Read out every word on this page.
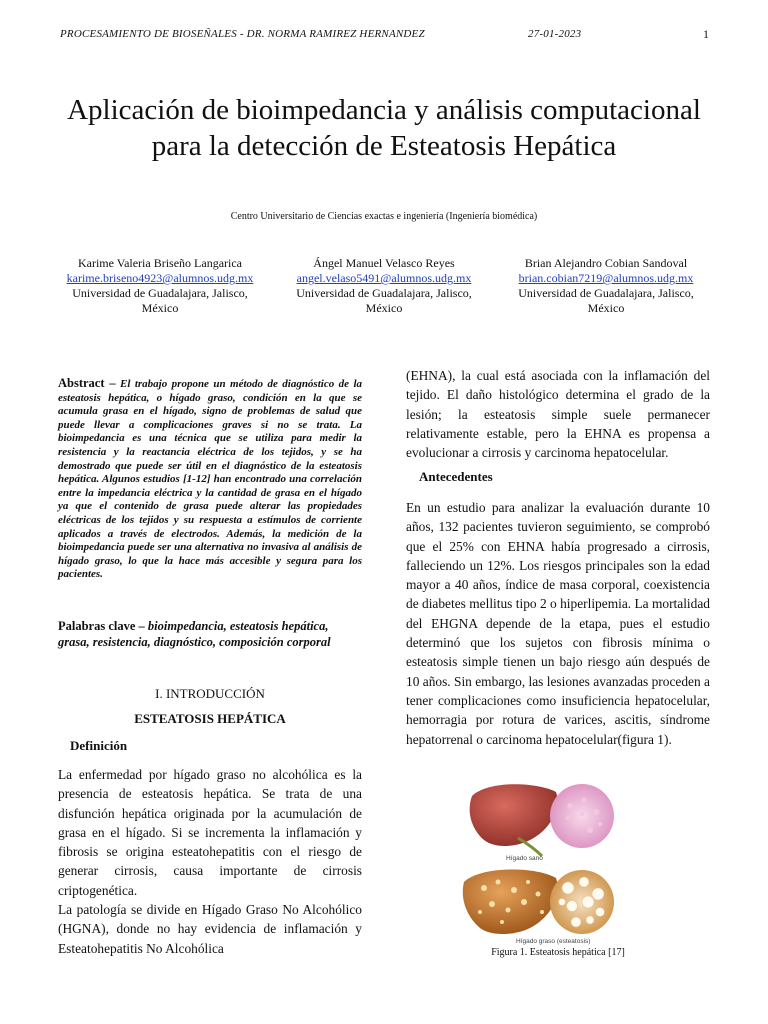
PROCESAMIENTO DE BIOSEÑALES - DR. NORMA RAMIREZ HERNANDEZ	27-01-2023	1
Aplicación de bioimpedancia y análisis computacional para la detección de Esteatosis Hepática
Centro Universitario de Ciencias exactas e ingeniería (Ingeniería biomédica)
Karime Valeria Briseño Langarica
karime.briseno4923@alumnos.udg.mx
Universidad de Guadalajara, Jalisco,
México
Ángel Manuel Velasco Reyes
angel.velaso5491@alumnos.udg.mx
Universidad de Guadalajara, Jalisco,
México
Brian Alejandro Cobian Sandoval
brian.cobian7219@alumnos.udg.mx
Universidad de Guadalajara, Jalisco,
México
Abstract – El trabajo propone un método de diagnóstico de la esteatosis hepática, o hígado graso, condición en la que se acumula grasa en el hígado, signo de problemas de salud que puede llevar a complicaciones graves si no se trata. La bioimpedancia es una técnica que se utiliza para medir la resistencia y la reactancia eléctrica de los tejidos, y se ha demostrado que puede ser útil en el diagnóstico de la esteatosis hepática. Algunos estudios [1-12] han encontrado una correlación entre la impedancia eléctrica y la cantidad de grasa en el hígado ya que el contenido de grasa puede alterar las propiedades eléctricas de los tejidos y su respuesta a estímulos de corriente aplicados a través de electrodos. Además, la medición de la bioimpedancia puede ser una alternativa no invasiva al análisis de hígado graso, lo que la hace más accesible y segura para los pacientes.
Palabras clave – bioimpedancia, esteatosis hepática, grasa, resistencia, diagnóstico, composición corporal
I. INTRODUCCIÓN
ESTEATOSIS HEPÁTICA
Definición

La enfermedad por hígado graso no alcohólica es la presencia de esteatosis hepática. Se trata de una disfunción hepática originada por la acumulación de grasa en el hígado. Si se incrementa la inflamación y fibrosis se origina esteatohepatitis con el riesgo de generar cirrosis, causa importante de cirrosis criptogenética.

La patología se divide en Hígado Graso No Alcohólico (HGNA), donde no hay evidencia de inflamación y Esteatohepatitis No Alcohólica

(EHNA), la cual está asociada con la inflamación del tejido. El daño histológico determina el grado de la lesión; la esteatosis simple suele permanecer relativamente estable, pero la EHNA es propensa a evolucionar a cirrosis y carcinoma hepatocelular.

Antecedentes

En un estudio para analizar la evaluación durante 10 años, 132 pacientes tuvieron seguimiento, se comprobó que el 25% con EHNA había progresado a cirrosis, falleciendo un 12%. Los riesgos principales son la edad mayor a 40 años, índice de masa corporal, coexistencia de diabetes mellitus tipo 2 o hiperlipemia. La mortalidad del EHGNA depende de la etapa, pues el estudio determinó que los sujetos con fibrosis mínima o esteatosis simple tienen un bajo riesgo aún después de 10 años. Sin embargo, las lesiones avanzadas proceden a tener complicaciones como insuficiencia hepatocelular, hemorragia por rotura de varices, ascitis, síndrome hepatorrenal o carcinoma hepatocelular(figura 1).

Hígado sano
Hígado graso (esteatosis)
Figura 1. Esteatosis hepática [17]
